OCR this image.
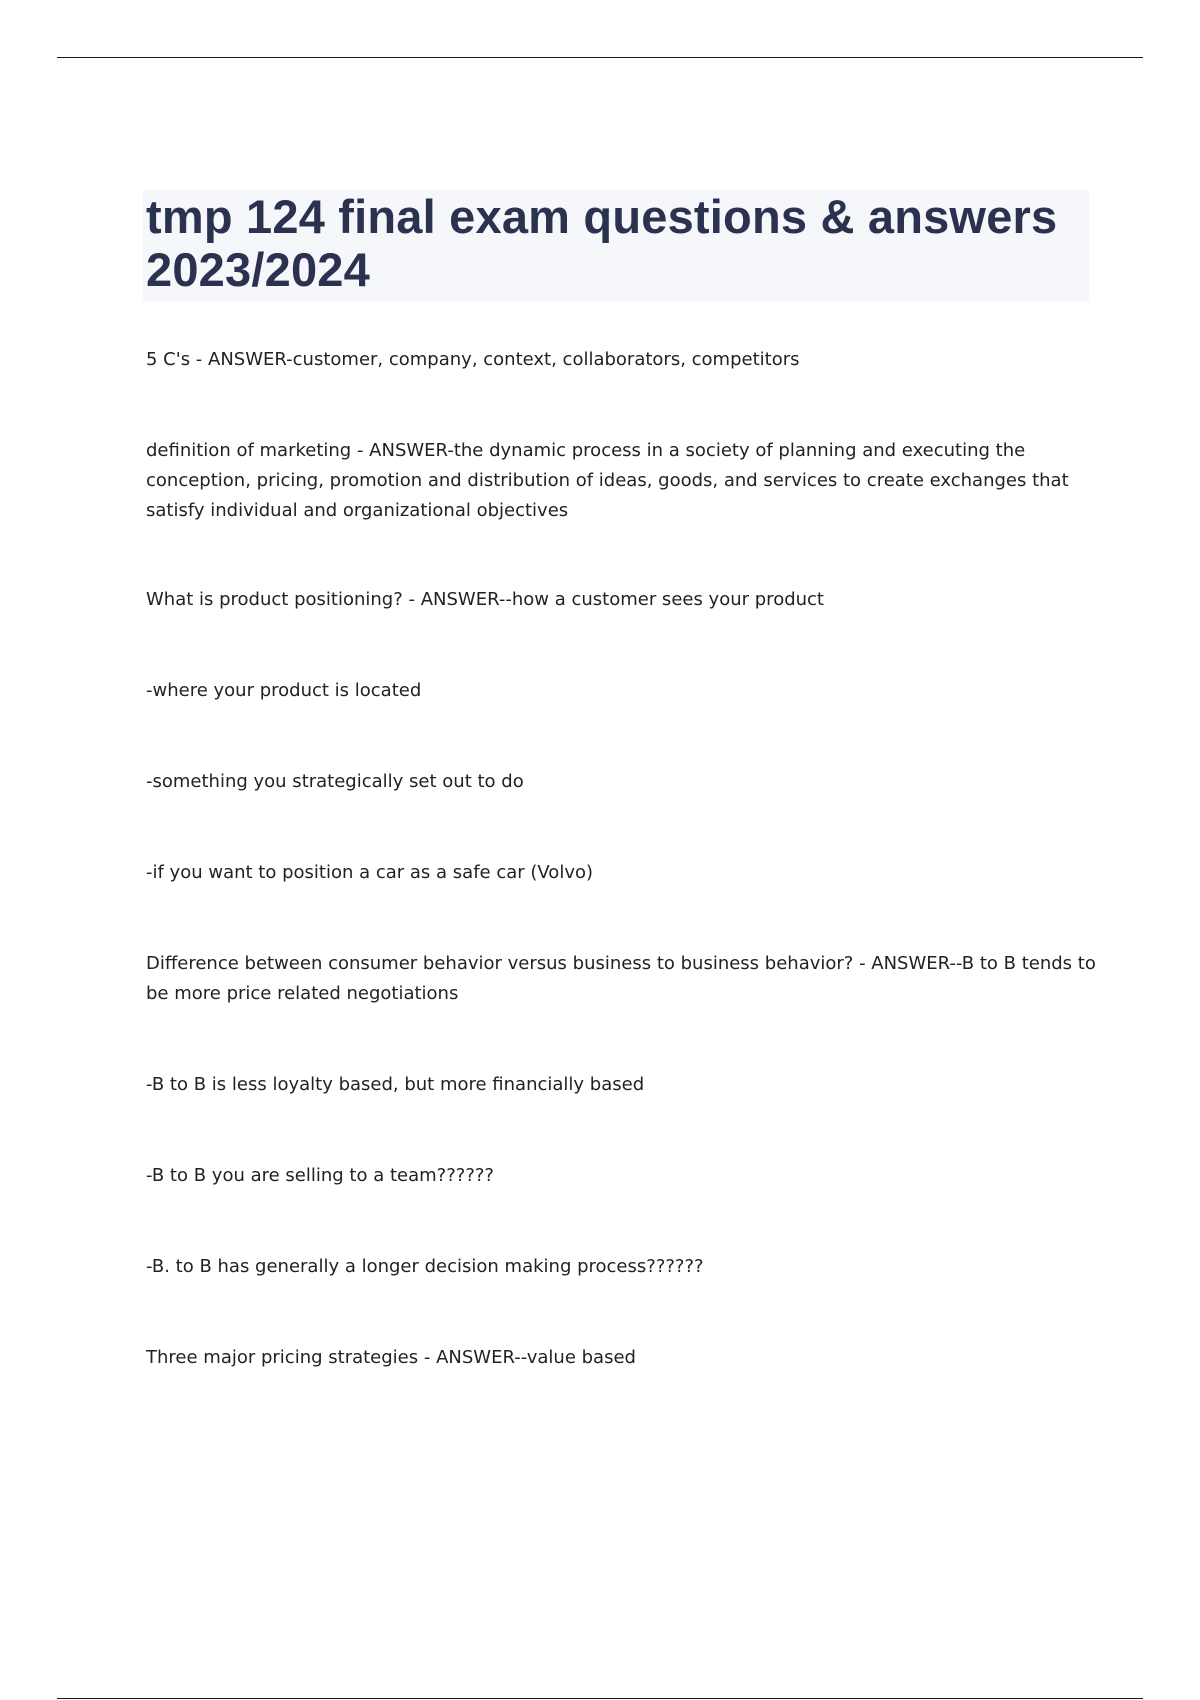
tmp 124 final exam questions & answers 2023/2024

5 C's - ANSWER-customer, company, context, collaborators, competitors

definition of marketing - ANSWER-the dynamic process in a society of planning and executing the conception, pricing, promotion and distribution of ideas, goods, and services to create exchanges that satisfy individual and organizational objectives

What is product positioning? - ANSWER--how a customer sees your product

-where your product is located

-something you strategically set out to do

-if you want to position a car as a safe car (Volvo)

Difference between consumer behavior versus business to business behavior? - ANSWER--B to B tends to be more price related negotiations

-B to B is less loyalty based, but more financially based

-B to B you are selling to a team??????

-B. to B has generally a longer decision making process??????

Three major pricing strategies - ANSWER--value based
